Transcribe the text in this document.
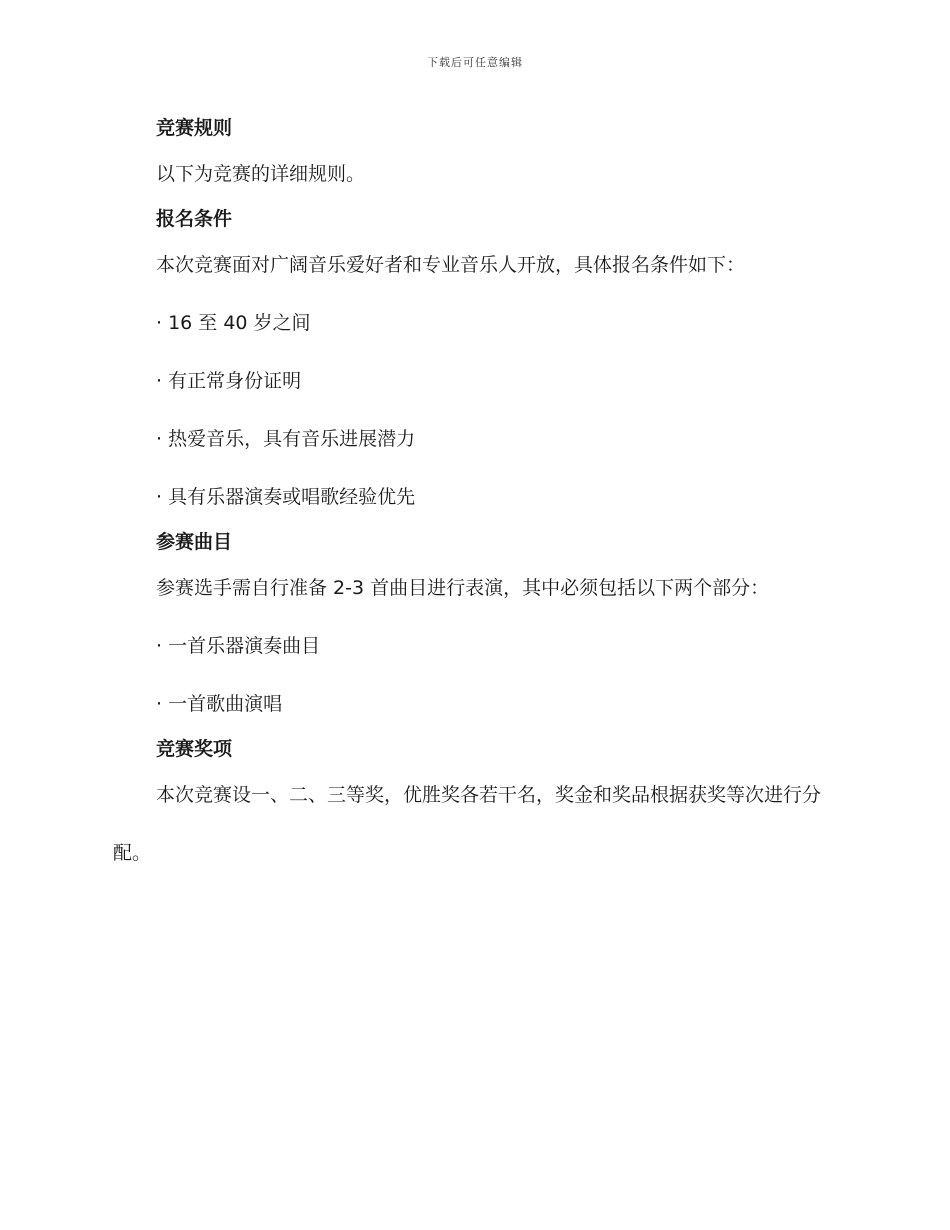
下载后可任意编辑
竞赛规则

以下为竞赛的详细规则。

报名条件

本次竞赛面对广阔音乐爱好者和专业音乐人开放，具体报名条件如下：

· 16 至 40 岁之间
· 有正常身份证明
· 热爱音乐，具有音乐进展潜力
· 具有乐器演奏或唱歌经验优先
参赛曲目

参赛选手需自行准备 2-3 首曲目进行表演，其中必须包括以下两个部分：

· 一首乐器演奏曲目
· 一首歌曲演唱
竞赛奖项

本次竞赛设一、二、三等奖，优胜奖各若干名，奖金和奖品根据获奖等次进行分配。
